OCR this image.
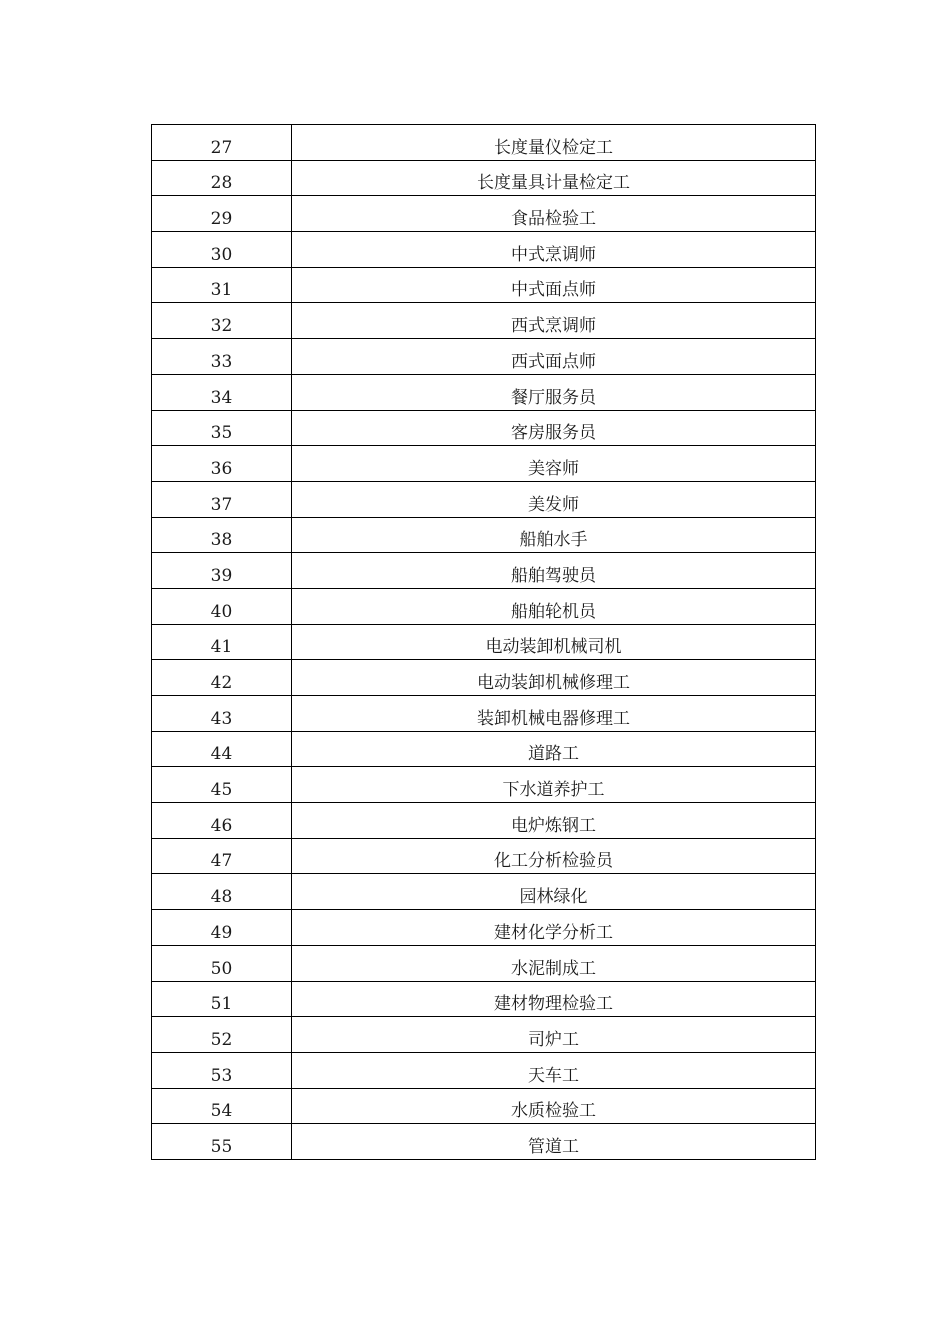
27	长度量仪检定工
28	长度量具计量检定工
29	食品检验工
30	中式烹调师
31	中式面点师
32	西式烹调师
33	西式面点师
34	餐厅服务员
35	客房服务员
36	美容师
37	美发师
38	船舶水手
39	船舶驾驶员
40	船舶轮机员
41	电动装卸机械司机
42	电动装卸机械修理工
43	装卸机械电器修理工
44	道路工
45	下水道养护工
46	电炉炼钢工
47	化工分析检验员
48	园林绿化
49	建材化学分析工
50	水泥制成工
51	建材物理检验工
52	司炉工
53	天车工
54	水质检验工
55	管道工
